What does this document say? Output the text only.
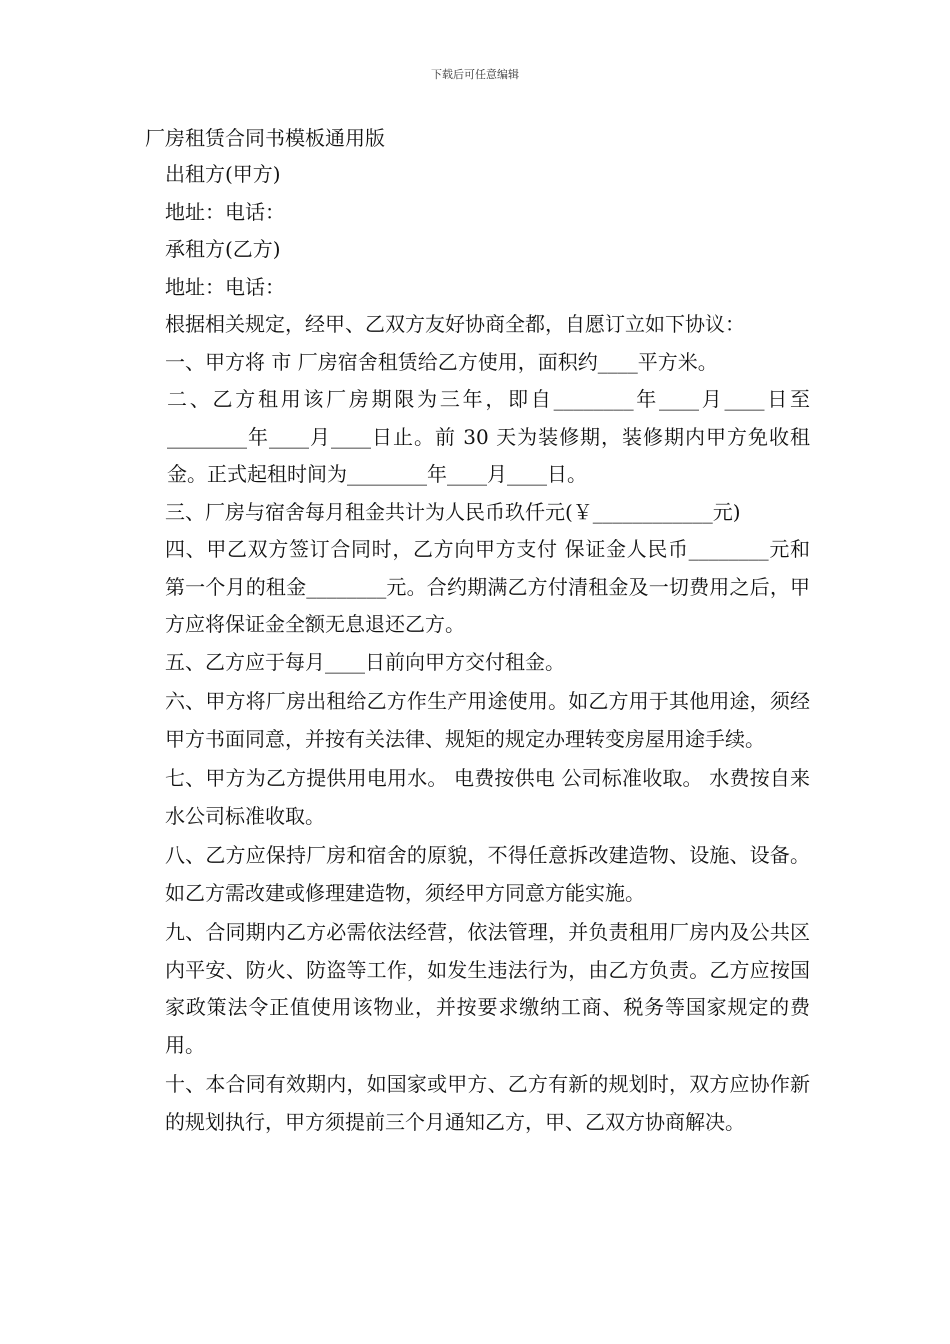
下载后可任意编辑
厂房租赁合同书模板通用版
出租方(甲方)
地址：电话：
承租方(乙方)
地址：电话：
根据相关规定，经甲、乙双方友好协商全都，自愿订立如下协议：

一、甲方将 市 厂房宿舍租赁给乙方使用，面积约____平方米。

二、乙方租用该厂房期限为三年，即自________年____月____日至________年____月____日止。前 30 天为装修期，装修期内甲方免收租金。正式起租时间为________年____月____日。

三、厂房与宿舍每月租金共计为人民币玖仟元(￥____________元)

四、甲乙双方签订合同时，乙方向甲方支付 保证金人民币________元和第一个月的租金________元。合约期满乙方付清租金及一切费用之后，甲方应将保证金全额无息退还乙方。

五、乙方应于每月____日前向甲方交付租金。

六、甲方将厂房出租给乙方作生产用途使用。如乙方用于其他用途，须经甲方书面同意，并按有关法律、规矩的规定办理转变房屋用途手续。

七、甲方为乙方提供用电用水。 电费按供电 公司标准收取。 水费按自来水公司标准收取。

八、乙方应保持厂房和宿舍的原貌，不得任意拆改建造物、设施、设备。如乙方需改建或修理建造物，须经甲方同意方能实施。

九、合同期内乙方必需依法经营，依法管理，并负责租用厂房内及公共区内平安、防火、防盗等工作，如发生违法行为，由乙方负责。乙方应按国家政策法令正值使用该物业，并按要求缴纳工商、税务等国家规定的费用。

十、本合同有效期内，如国家或甲方、乙方有新的规划时，双方应协作新的规划执行，甲方须提前三个月通知乙方，甲、乙双方协商解决。
